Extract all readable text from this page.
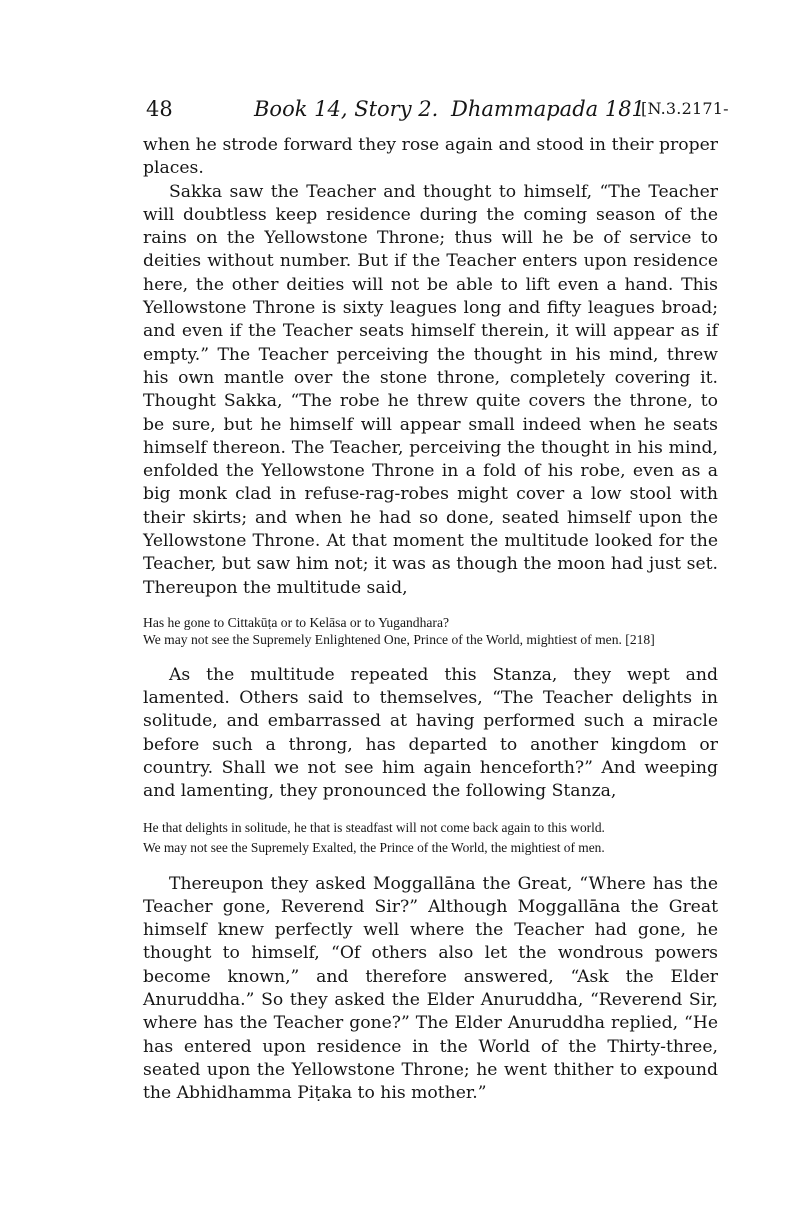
48	Book 14, Story 2. Dhammapada 181
[N.3.2171-

when he strode forward they rose again and stood in their proper places.

Sakka saw the Teacher and thought to himself, “The Teacher will doubtless keep residence during the coming season of the rains on the Yellowstone Throne; thus will he be of service to deities without number. But if the Teacher enters upon residence here, the other deities will not be able to lift even a hand. This Yellowstone Throne is sixty leagues long and fifty leagues broad; and even if the Teacher seats himself therein, it will appear as if empty.” The Teacher perceiving the thought in his mind, threw his own mantle over the stone throne, completely covering it. Thought Sakka, “The robe he threw quite covers the throne, to be sure, but he himself will appear small indeed when he seats himself thereon. The Teacher, perceiving the thought in his mind, enfolded the Yellowstone Throne in a fold of his robe, even as a big monk clad in refuse-rag-robes might cover a low stool with their skirts; and when he had so done, seated himself upon the Yellowstone Throne. At that moment the multitude looked for the Teacher, but saw him not; it was as though the moon had just set. Thereupon the multitude said,

Has he gone to Cittakūṭa or to Kelāsa or to Yugandhara?

We may not see the Supremely Enlightened One, Prince of the World, mightiest of men. [218]

As the multitude repeated this Stanza, they wept and lamented. Others said to themselves, “The Teacher delights in solitude, and embarrassed at having performed such a miracle before such a throng, has departed to another kingdom or country. Shall we not see him again henceforth?” And weeping and lamenting, they pronounced the following Stanza,

He that delights in solitude, he that is steadfast will not come back again to this world.

We may not see the Supremely Exalted, the Prince of the World, the mightiest of men.

Thereupon they asked Moggallāna the Great, “Where has the Teacher gone, Reverend Sir?” Although Moggallāna the Great himself knew perfectly well where the Teacher had gone, he thought to himself, “Of others also let the wondrous powers become known,” and therefore answered, “Ask the Elder Anuruddha.” So they asked the Elder Anuruddha, “Reverend Sir, where has the Teacher gone?” The Elder Anuruddha replied, “He has entered upon residence in the World of the Thirty-three, seated upon the Yellowstone Throne; he went thither to expound the Abhidhamma Piṭaka to his mother.”
